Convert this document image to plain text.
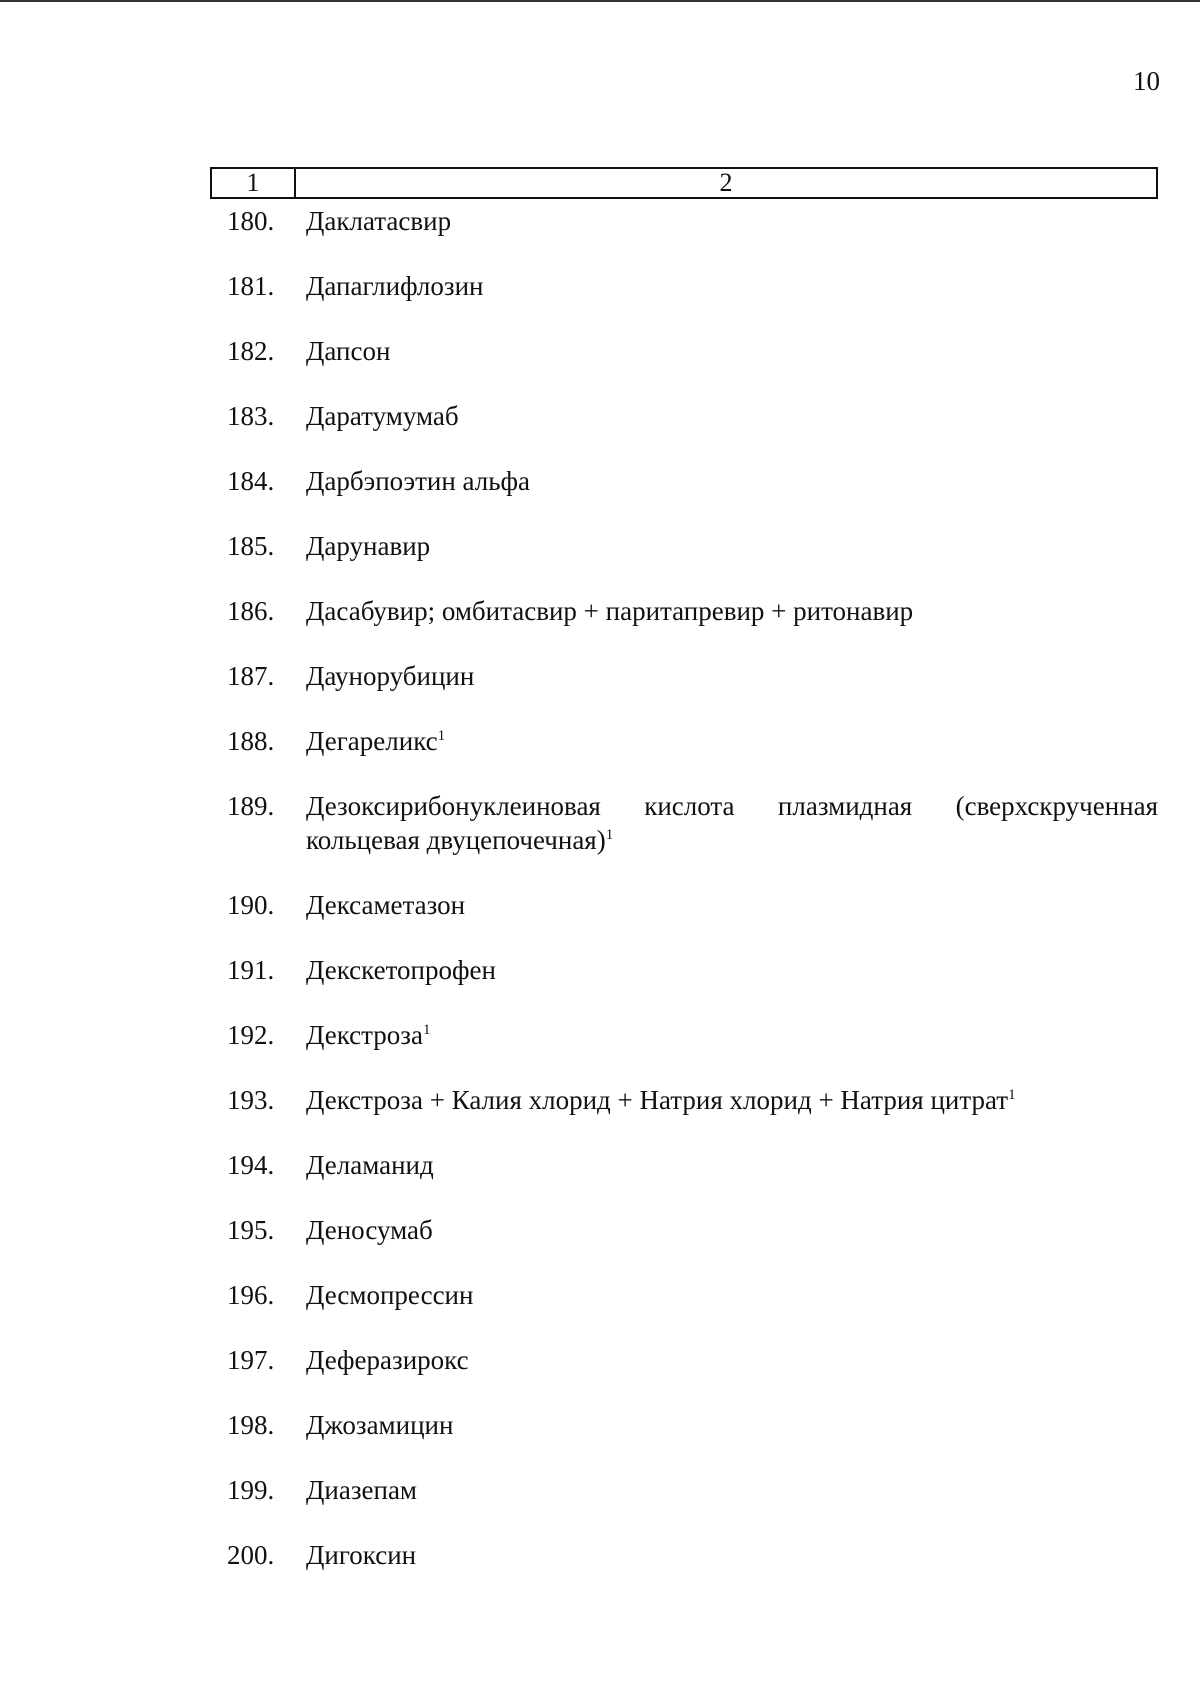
10
1	2
180.	Даклатасвир
181.	Дапаглифлозин
182.	Дапсон
183.	Даратумумаб
184.	Дарбэпоэтин альфа
185.	Дарунавир
186.	Дасабувир; омбитасвир + паритапревир + ритонавир
187.	Даунорубицин
188.	Дегареликс$^1$
189.	Дезоксирибонуклеиновая кислота плазмидная (сверхскрученная кольцевая двуцепочечная)$^1$
190.	Дексаметазон
191.	Декскетопрофен
192.	Декстроза$^1$
193.	Декстроза + Калия хлорид + Натрия хлорид + Натрия цитрат$^1$
194.	Деламанид
195.	Деносумаб
196.	Десмопрессин
197.	Деферазирокс
198.	Джозамицин
199.	Диазепам
200.	Дигоксин
